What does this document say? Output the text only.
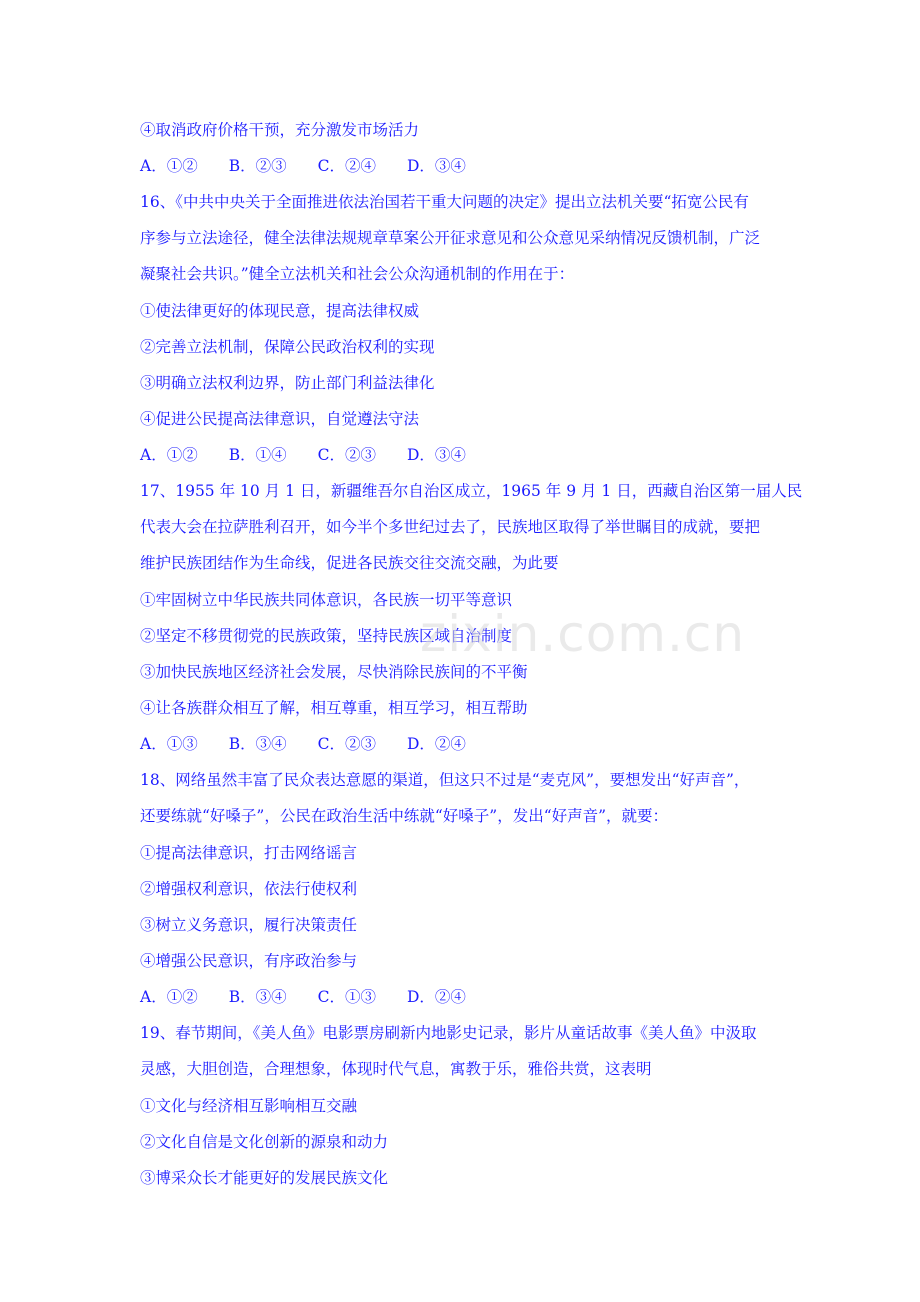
④取消政府价格干预，充分激发市场活力
A．①②　　B．②③　　C．②④　　D．③④
16、《中共中央关于全面推进依法治国若干重大问题的决定》提出立法机关要“拓宽公民有
序参与立法途径，健全法律法规规章草案公开征求意见和公众意见采纳情况反馈机制，广泛
凝聚社会共识。”健全立法机关和社会公众沟通机制的作用在于：
①使法律更好的体现民意，提高法律权威
②完善立法机制，保障公民政治权利的实现
③明确立法权利边界，防止部门利益法律化
④促进公民提高法律意识，自觉遵法守法
A．①②　　B．①④　　C．②③　　D．③④
17、1955 年 10 月 1 日，新疆维吾尔自治区成立，1965 年 9 月 1 日，西藏自治区第一届人民
代表大会在拉萨胜利召开，如今半个多世纪过去了，民族地区取得了举世瞩目的成就，要把
维护民族团结作为生命线，促进各民族交往交流交融，为此要
①牢固树立中华民族共同体意识，各民族一切平等意识
②坚定不移贯彻党的民族政策，坚持民族区域自治制度
③加快民族地区经济社会发展，尽快消除民族间的不平衡
④让各族群众相互了解，相互尊重，相互学习，相互帮助
A．①③　　B．③④　　C．②③　　D．②④
18、网络虽然丰富了民众表达意愿的渠道，但这只不过是“麦克风”，要想发出“好声音”，
还要练就“好嗓子”，公民在政治生活中练就“好嗓子”，发出“好声音”，就要：
①提高法律意识，打击网络谣言
②增强权利意识，依法行使权利
③树立义务意识，履行决策责任
④增强公民意识，有序政治参与
A．①②　　B．③④　　C．①③　　D．②④
19、春节期间，《美人鱼》电影票房刷新内地影史记录，影片从童话故事《美人鱼》中汲取
灵感，大胆创造，合理想象，体现时代气息，寓教于乐，雅俗共赏，这表明
①文化与经济相互影响相互交融
②文化自信是文化创新的源泉和动力
③博采众长才能更好的发展民族文化
zixin.com.cn
